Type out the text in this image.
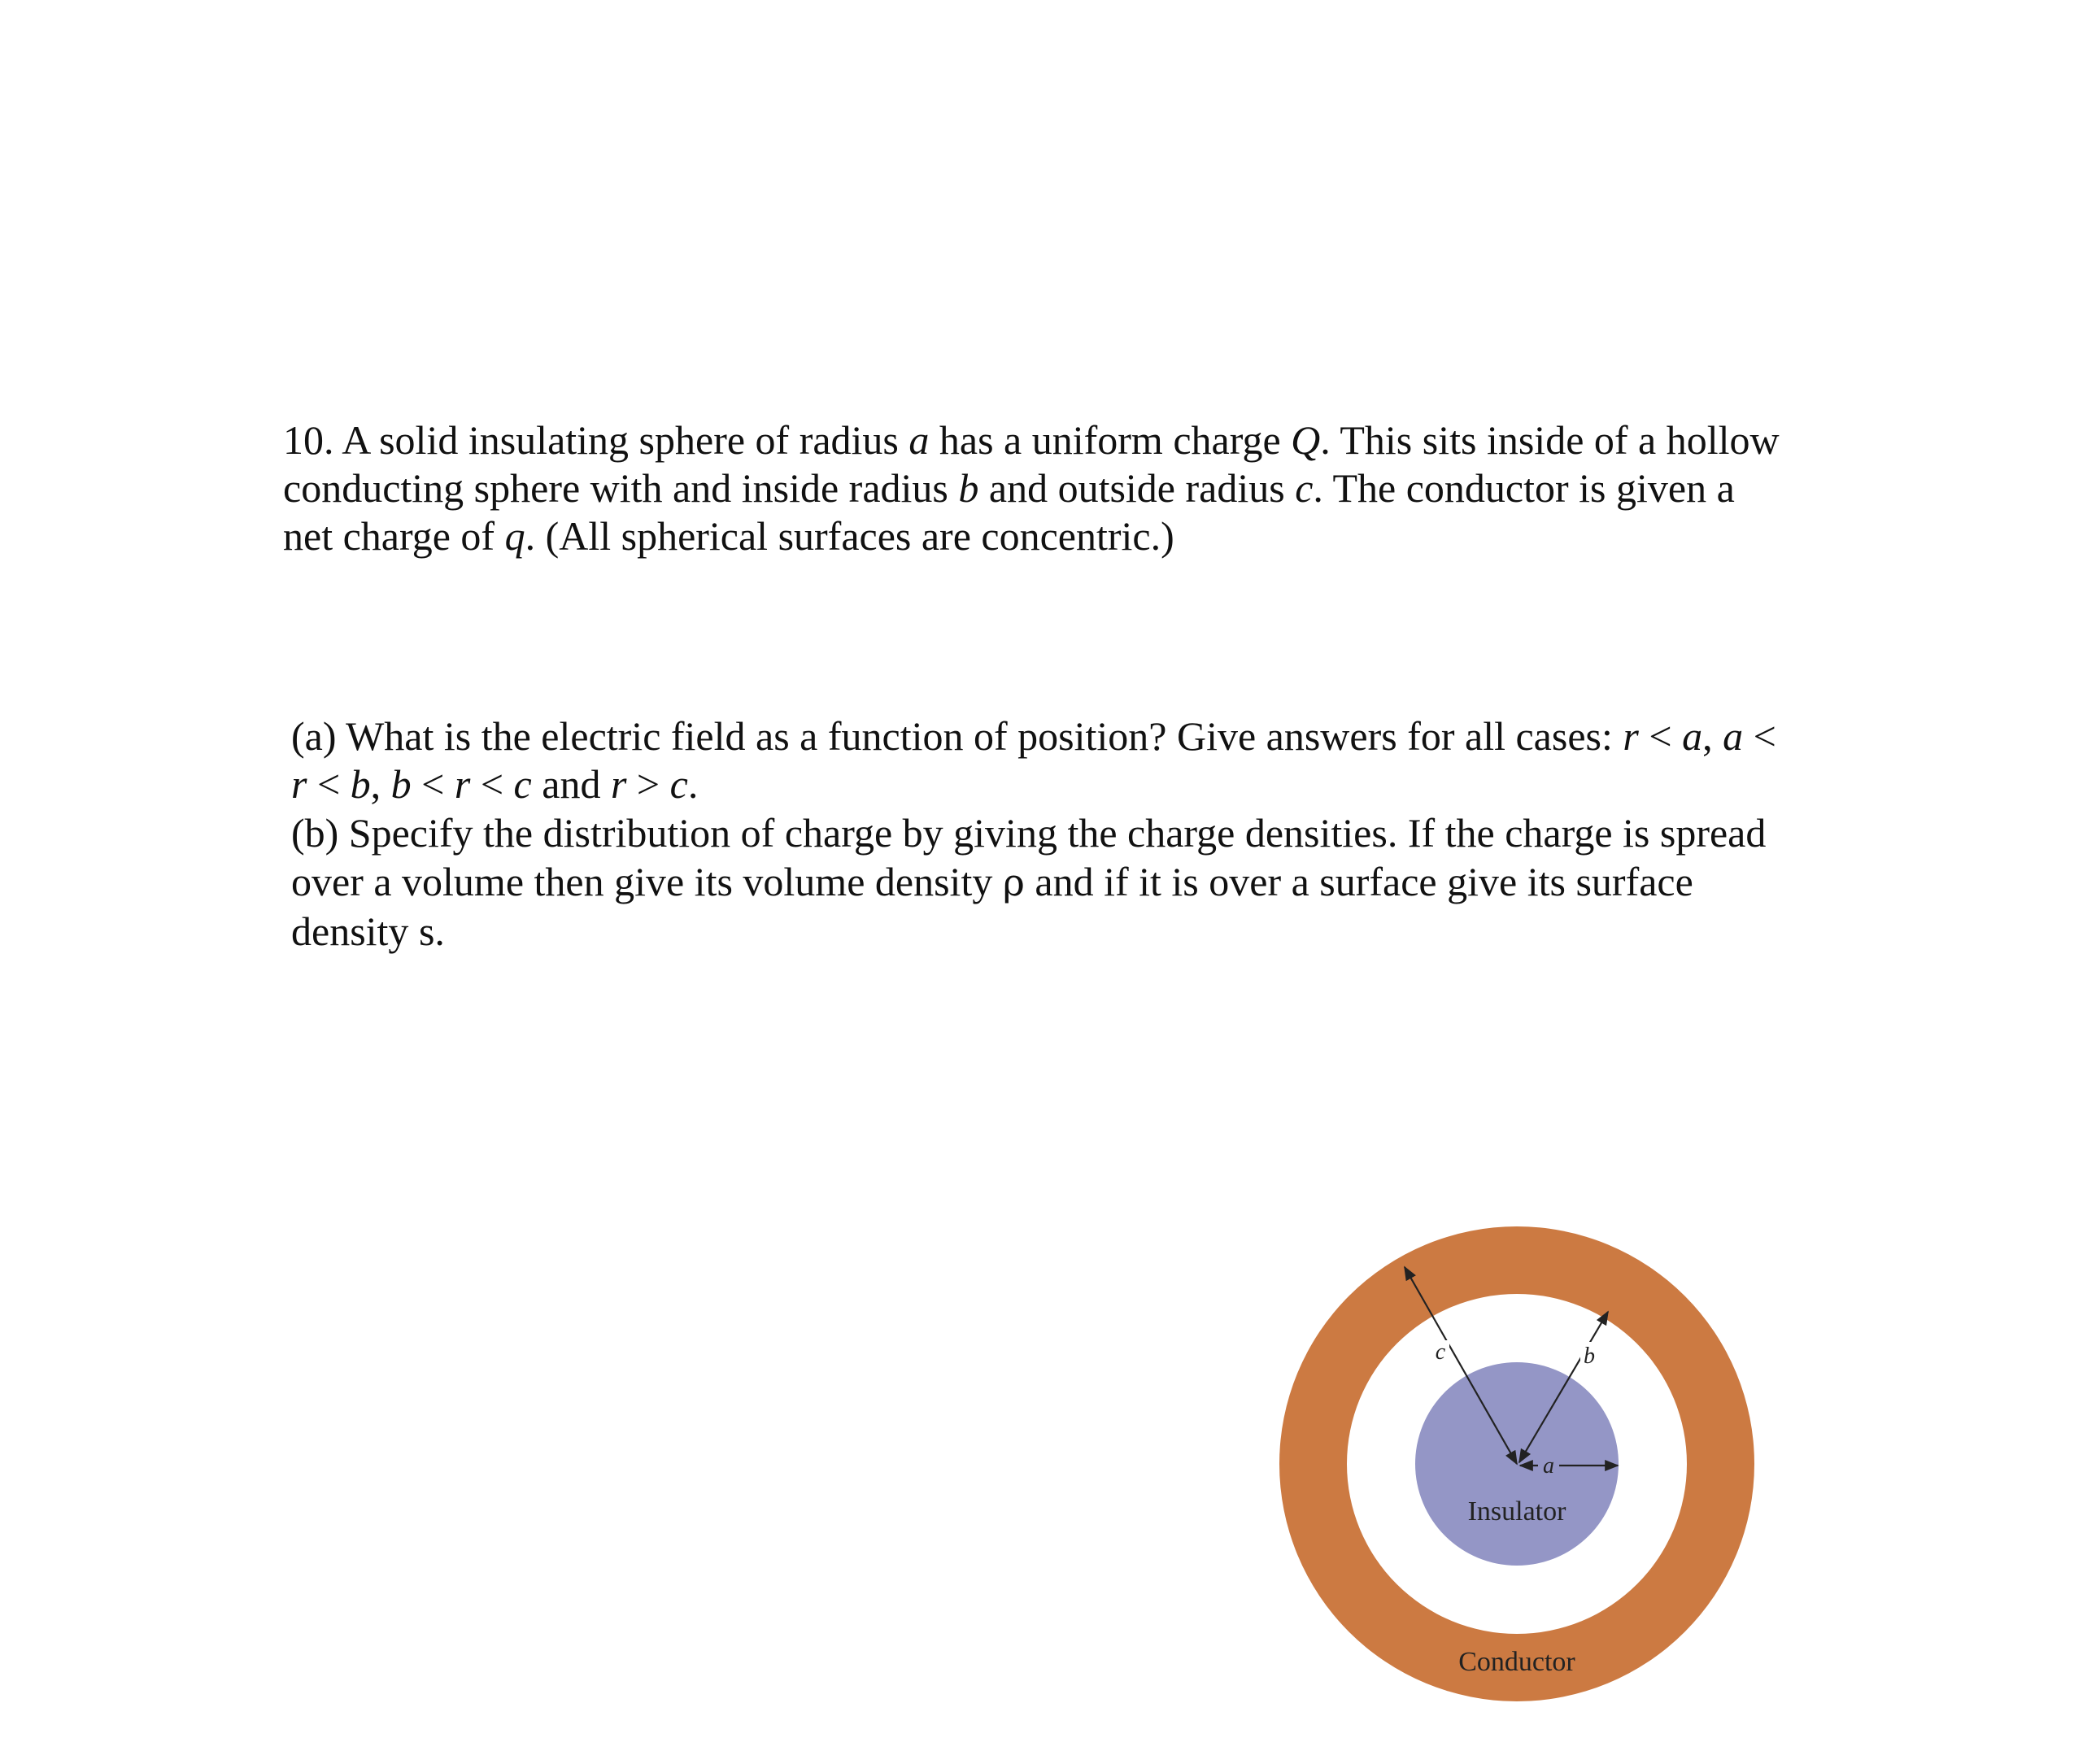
10. A solid insulating sphere of radius a has a uniform charge Q. This sits inside of a hollow conducting sphere with and inside radius b and outside radius c. The conductor is given a net charge of q. (All spherical surfaces are concentric.)

(a) What is the electric field as a function of position? Give answers for all cases: r < a, a < r < b, b < r < c and r > c.

(b) Specify the distribution of charge by giving the charge densities. If the charge is spread over a volume then give its volume density ρ and if it is over a surface give its surface density s.

c	b
a
Insulator
Conductor
